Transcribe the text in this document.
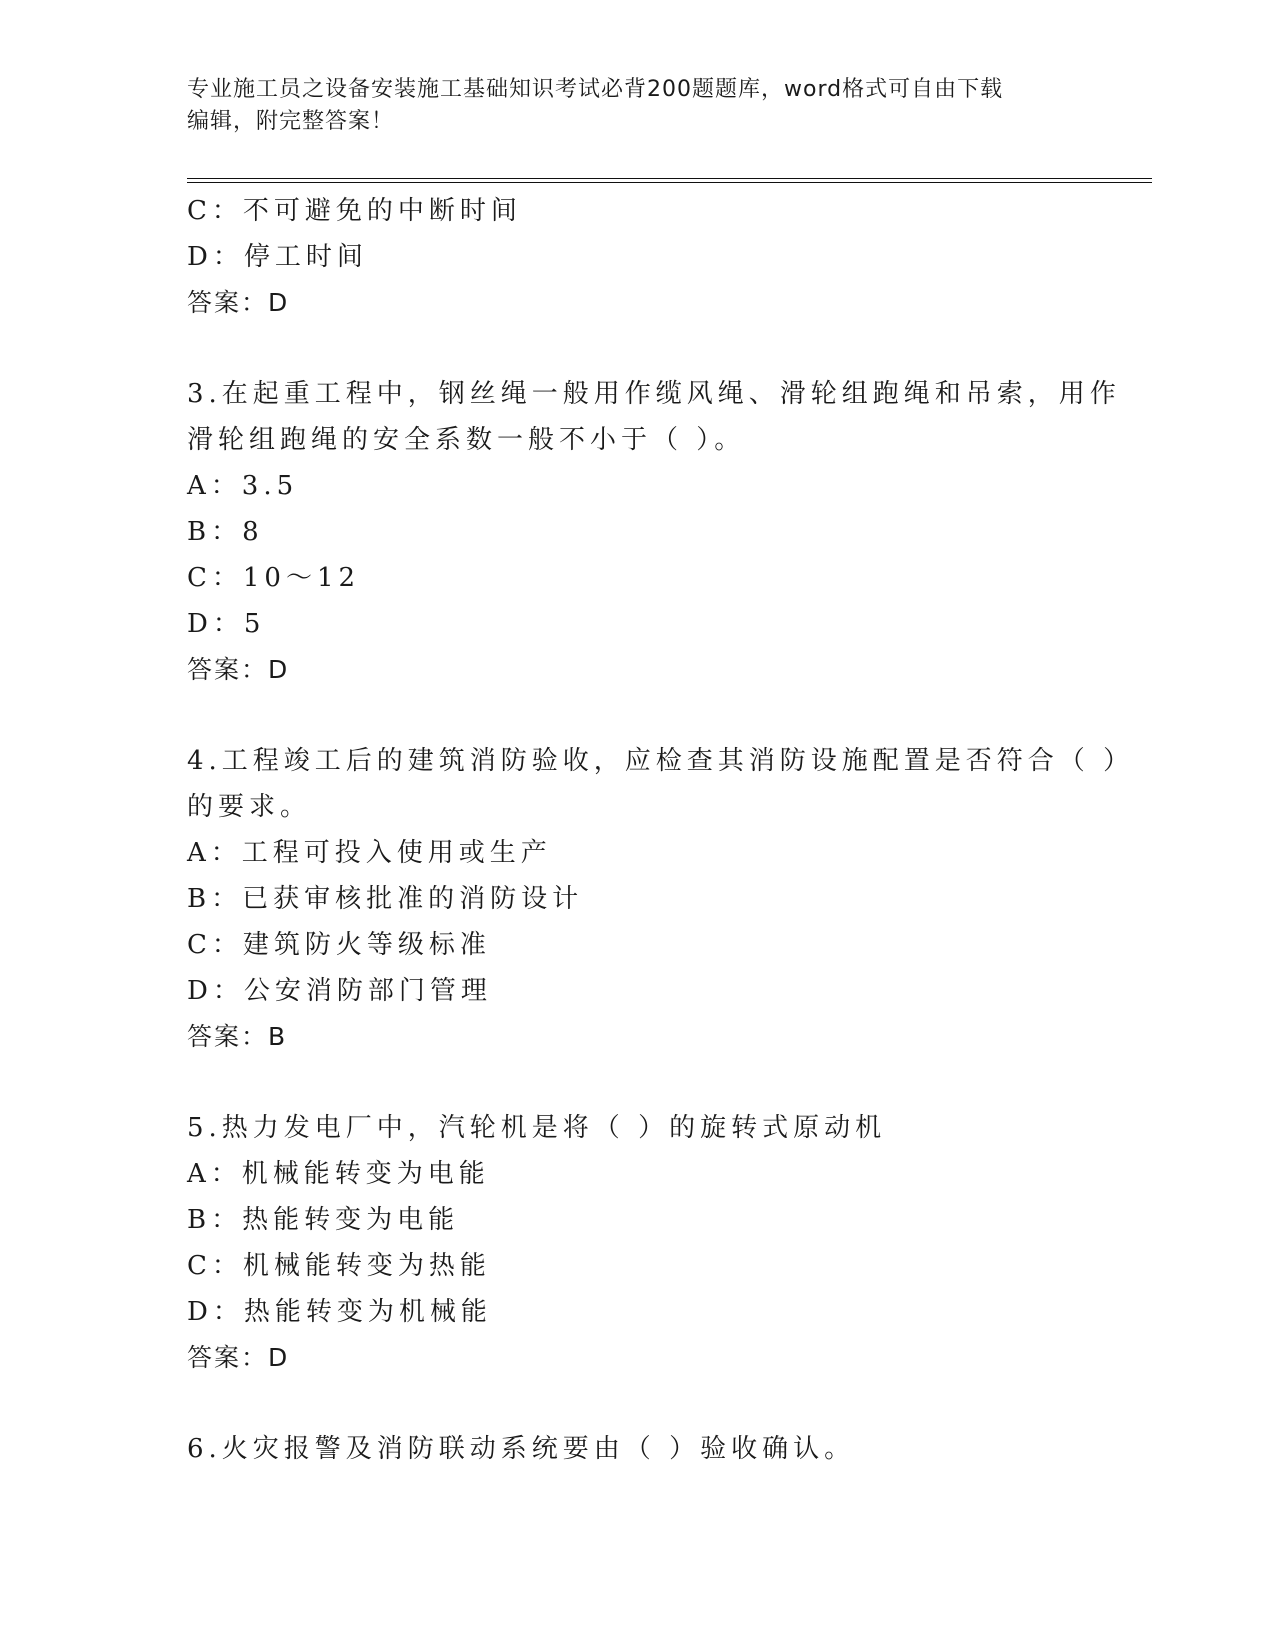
专业施工员之设备安装施工基础知识考试必背200题题库，word格式可自由下载
编辑，附完整答案！
C：不可避免的中断时间
D：停工时间
答案：D
3.在起重工程中，钢丝绳一般用作缆风绳、滑轮组跑绳和吊索，用作
滑轮组跑绳的安全系数一般不小于（ ）。
A：3.5
B：8
C：10～12
D：5
答案：D
4.工程竣工后的建筑消防验收，应检查其消防设施配置是否符合（ ）
的要求。
A：工程可投入使用或生产
B：已获审核批准的消防设计
C：建筑防火等级标准
D：公安消防部门管理
答案：B
5.热力发电厂中，汽轮机是将（ ）的旋转式原动机
A：机械能转变为电能
B：热能转变为电能
C：机械能转变为热能
D：热能转变为机械能
答案：D
6.火灾报警及消防联动系统要由（ ）验收确认。
